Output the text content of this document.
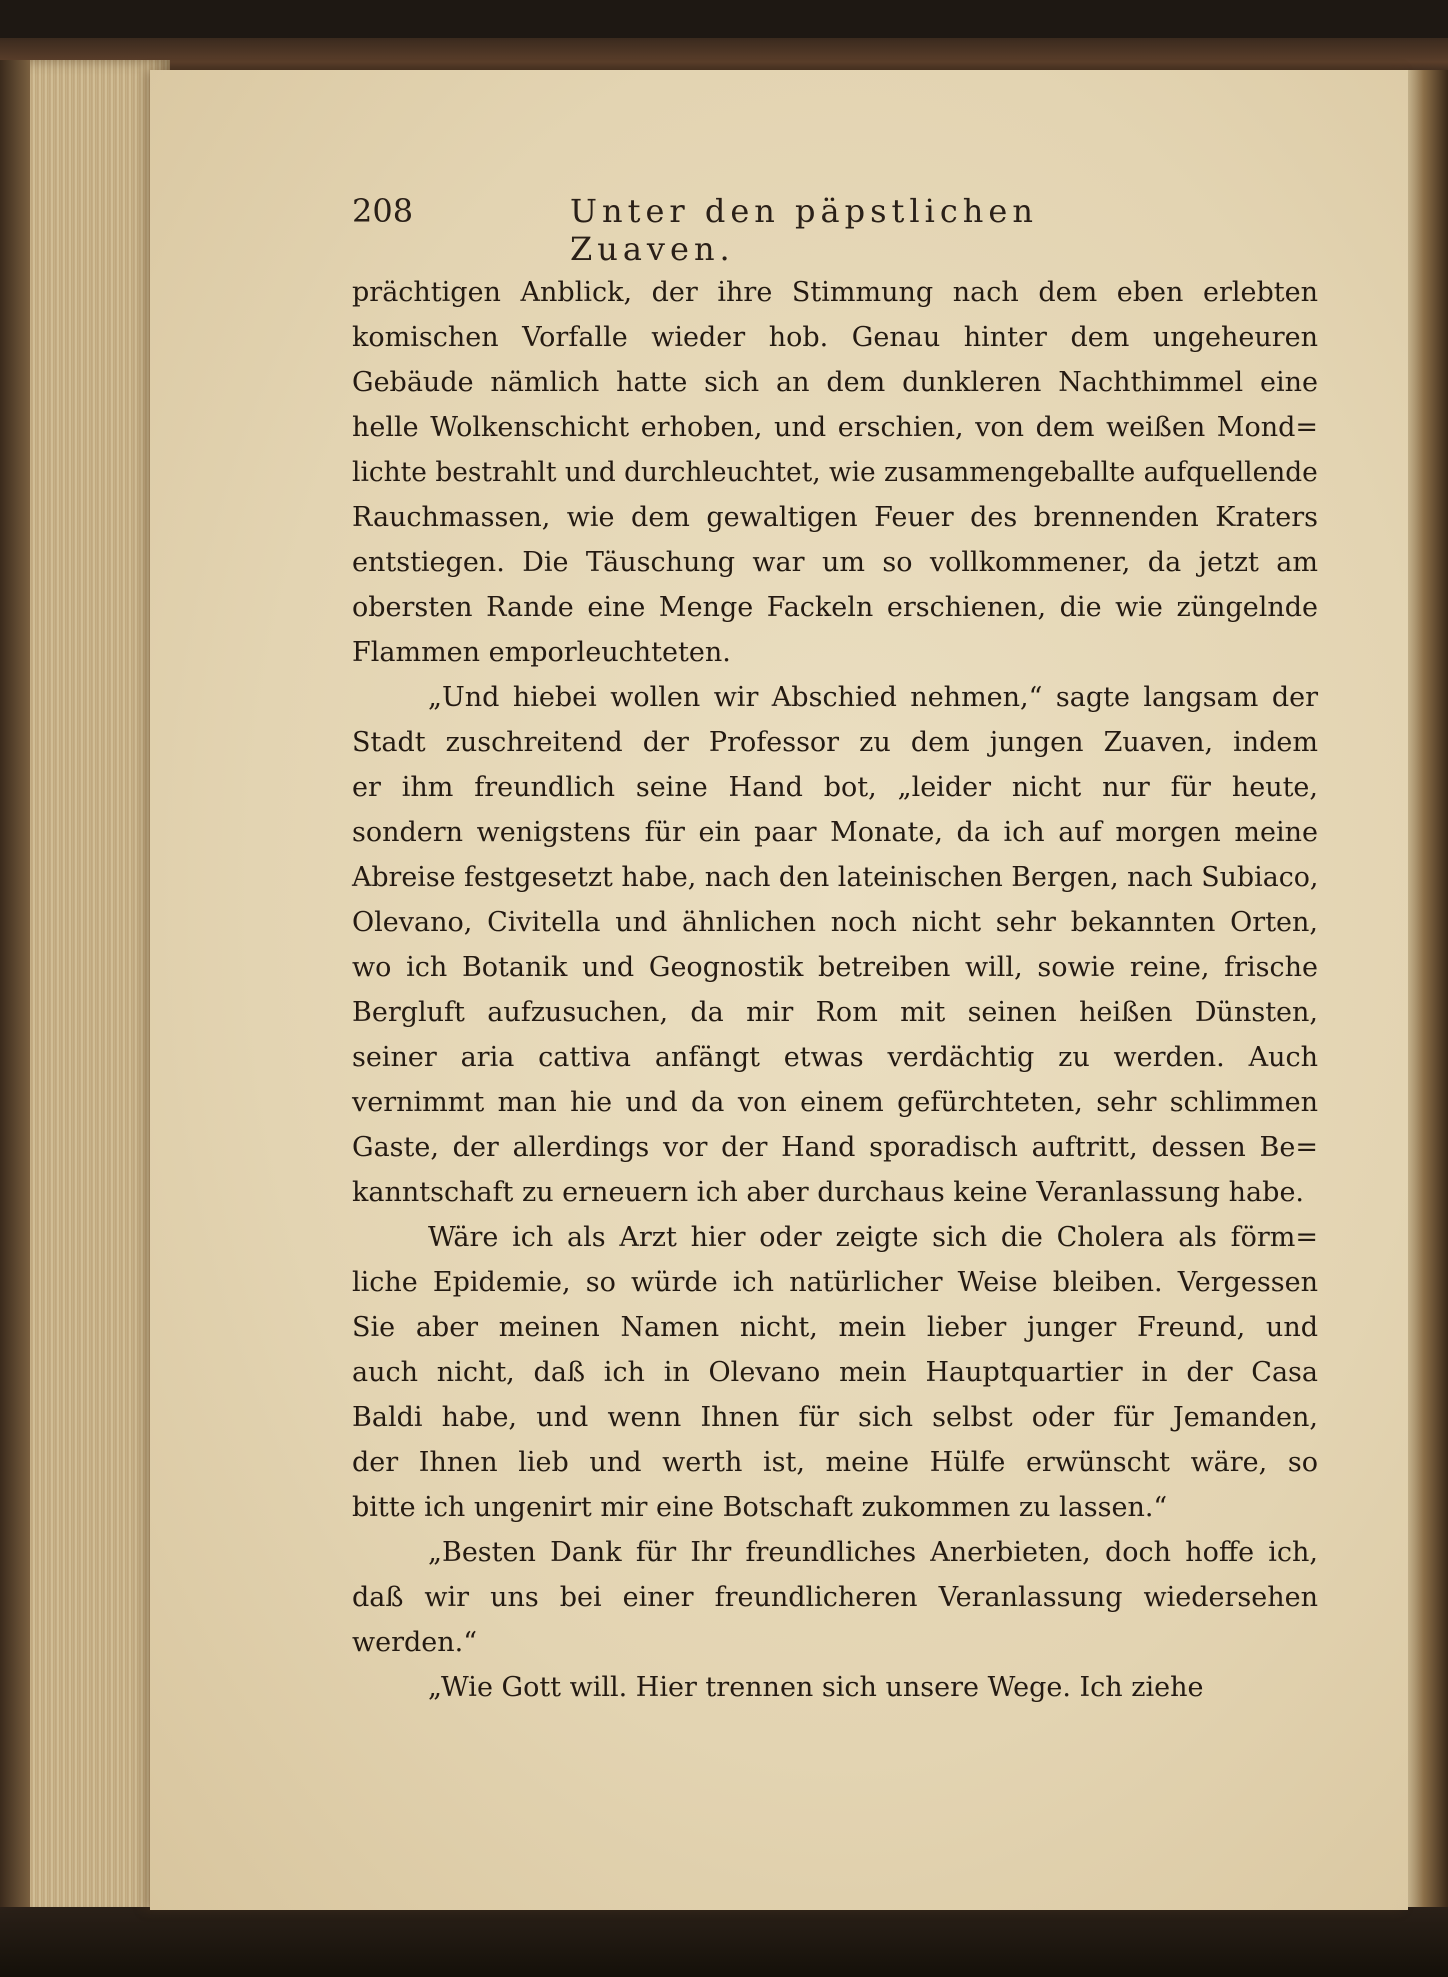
208	Unter den päpstlichen Zuaven.
prächtigen Anblick, der ihre Stimmung nach dem eben erlebten
komischen Vorfalle wieder hob. Genau hinter dem ungeheuren
Gebäude nämlich hatte sich an dem dunkleren Nachthimmel eine
helle Wolkenschicht erhoben, und erschien, von dem weißen Mond=
lichte bestrahlt und durchleuchtet, wie zusammengeballte aufquellende
Rauchmassen, wie dem gewaltigen Feuer des brennenden Kraters
entstiegen. Die Täuschung war um so vollkommener, da jetzt am
obersten Rande eine Menge Fackeln erschienen, die wie züngelnde
Flammen emporleuchteten.
„Und hiebei wollen wir Abschied nehmen,“ sagte langsam der
Stadt zuschreitend der Professor zu dem jungen Zuaven, indem
er ihm freundlich seine Hand bot, „leider nicht nur für heute,
sondern wenigstens für ein paar Monate, da ich auf morgen meine
Abreise festgesetzt habe, nach den lateinischen Bergen, nach Subiaco,
Olevano, Civitella und ähnlichen noch nicht sehr bekannten Orten,
wo ich Botanik und Geognostik betreiben will, sowie reine, frische
Bergluft aufzusuchen, da mir Rom mit seinen heißen Dünsten,
seiner aria cattiva anfängt etwas verdächtig zu werden. Auch
vernimmt man hie und da von einem gefürchteten, sehr schlimmen
Gaste, der allerdings vor der Hand sporadisch auftritt, dessen Be=
kanntschaft zu erneuern ich aber durchaus keine Veranlassung habe.
Wäre ich als Arzt hier oder zeigte sich die Cholera als förm=
liche Epidemie, so würde ich natürlicher Weise bleiben. Vergessen
Sie aber meinen Namen nicht, mein lieber junger Freund, und
auch nicht, daß ich in Olevano mein Hauptquartier in der Casa
Baldi habe, und wenn Ihnen für sich selbst oder für Jemanden,
der Ihnen lieb und werth ist, meine Hülfe erwünscht wäre, so
bitte ich ungenirt mir eine Botschaft zukommen zu lassen.“
„Besten Dank für Ihr freundliches Anerbieten, doch hoffe ich,
daß wir uns bei einer freundlicheren Veranlassung wiedersehen
werden.“
„Wie Gott will. Hier trennen sich unsere Wege. Ich ziehe
